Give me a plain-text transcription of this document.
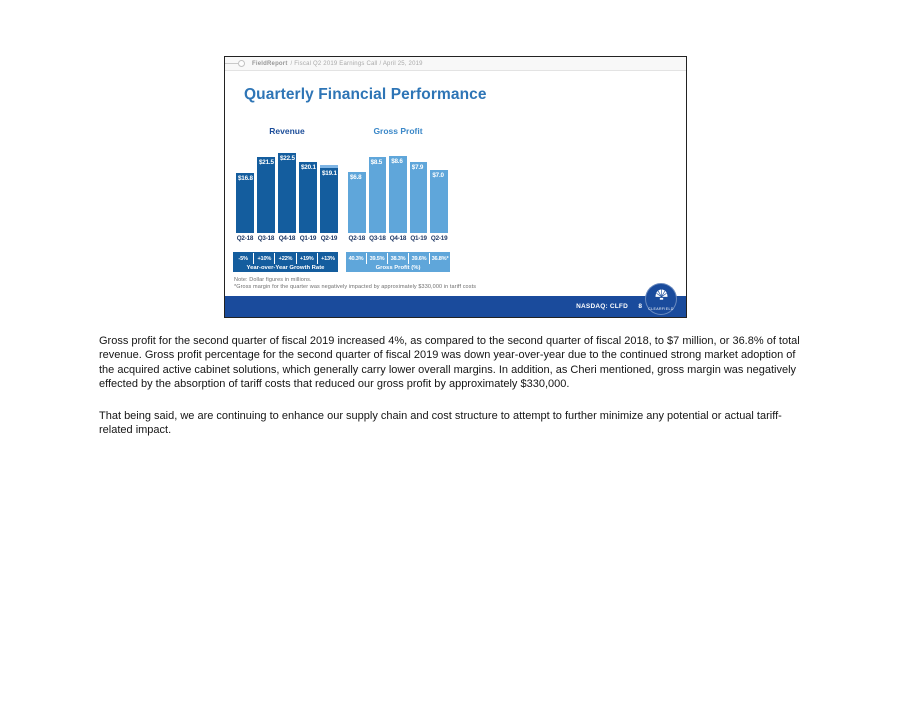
FieldReport / Fiscal Q2 2019 Earnings Call / April 25, 2019
Quarterly Financial Performance
Revenue	Gross Profit
$16.8
$21.5
$22.5
$20.1
$19.1
$6.8
$8.5 $8.6
$7.9
$7.0
Q2-18 Q3-18 Q4-18 Q1-19 Q2-19 Q2-18 Q3-18 Q4-18 Q1-19 Q2-19
-5%	+10%	+22%	+19%	+13%
Year-over-Year Growth Rate
40.3%	39.5%	38.3%	39.6% 36.8%*
Gross Profit (%)
Note: Dollar figures in millions.
*Gross margin for the quarter was negatively impacted by approximately $330,000 in tariff costs
NASDAQ: CLFD 8 CLEARFIELD

Gross profit for the second quarter of fiscal 2019 increased 4%, as compared to the second quarter of fiscal 2018, to $7 million, or 36.8% of total revenue. Gross profit percentage for the second quarter of fiscal 2019 was down year-over-year due to the continued strong market adoption of the acquired active cabinet solutions, which generally carry lower overall margins. In addition, as Cheri mentioned, gross margin was negatively effected by the absorption of tariff costs that reduced our gross profit by approximately $330,000.

That being said, we are continuing to enhance our supply chain and cost structure to attempt to further minimize any potential or actual tariff-related impact.
